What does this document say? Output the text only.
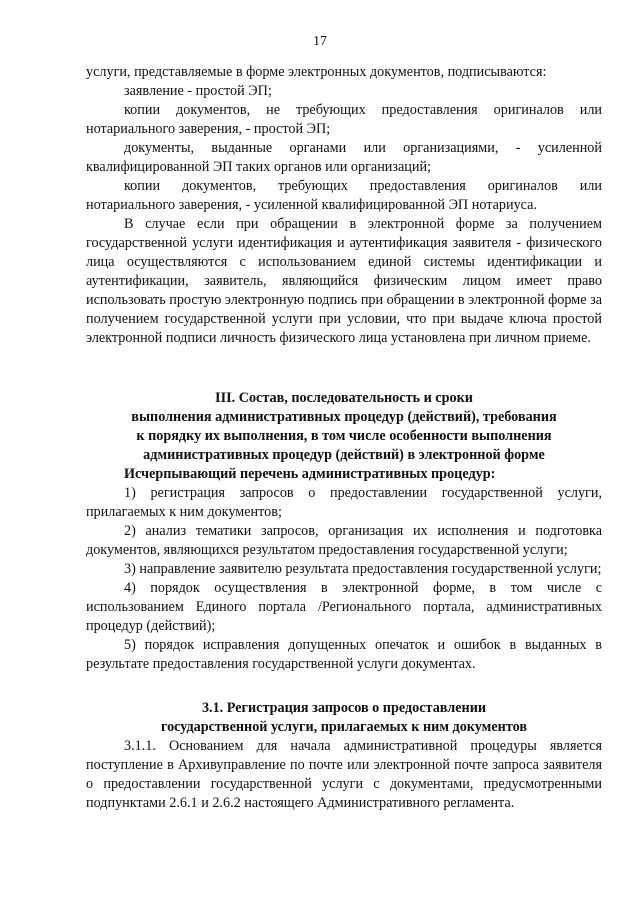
17

услуги, представляемые в форме электронных документов, подписываются:

заявление - простой ЭП;

копии документов, не требующих предоставления оригиналов или нотариального заверения, - простой ЭП;

документы, выданные органами или организациями, - усиленной квалифицированной ЭП таких органов или организаций;

копии документов, требующих предоставления оригиналов или нотариального заверения, - усиленной квалифицированной ЭП нотариуса.

В случае если при обращении в электронной форме за получением государственной услуги идентификация и аутентификация заявителя - физического лица осуществляются с использованием единой системы идентификации и аутентификации, заявитель, являющийся физическим лицом имеет право использовать простую электронную подпись при обращении в электронной форме за получением государственной услуги при условии, что при выдаче ключа простой электронной подписи личность физического лица установлена при личном приеме.

III. Состав, последовательность и сроки
выполнения административных процедур (действий), требования
к порядку их выполнения, в том числе особенности выполнения
административных процедур (действий) в электронной форме

Исчерпывающий перечень административных процедур:

1) регистрация запросов о предоставлении государственной услуги, прилагаемых к ним документов;

2) анализ тематики запросов, организация их исполнения и подготовка документов, являющихся результатом предоставления государственной услуги;

3) направление заявителю результата предоставления государственной услуги;

4) порядок осуществления в электронной форме, в том числе с использованием Единого портала /Регионального портала, административных процедур (действий);

5) порядок исправления допущенных опечаток и ошибок в выданных в результате предоставления государственной услуги документах.

3.1. Регистрация запросов о предоставлении
государственной услуги, прилагаемых к ним документов

3.1.1. Основанием для начала административной процедуры является поступление в Архивуправление по почте или электронной почте запроса заявителя о предоставлении государственной услуги с документами, предусмотренными подпунктами 2.6.1 и 2.6.2 настоящего Административного регламента.
